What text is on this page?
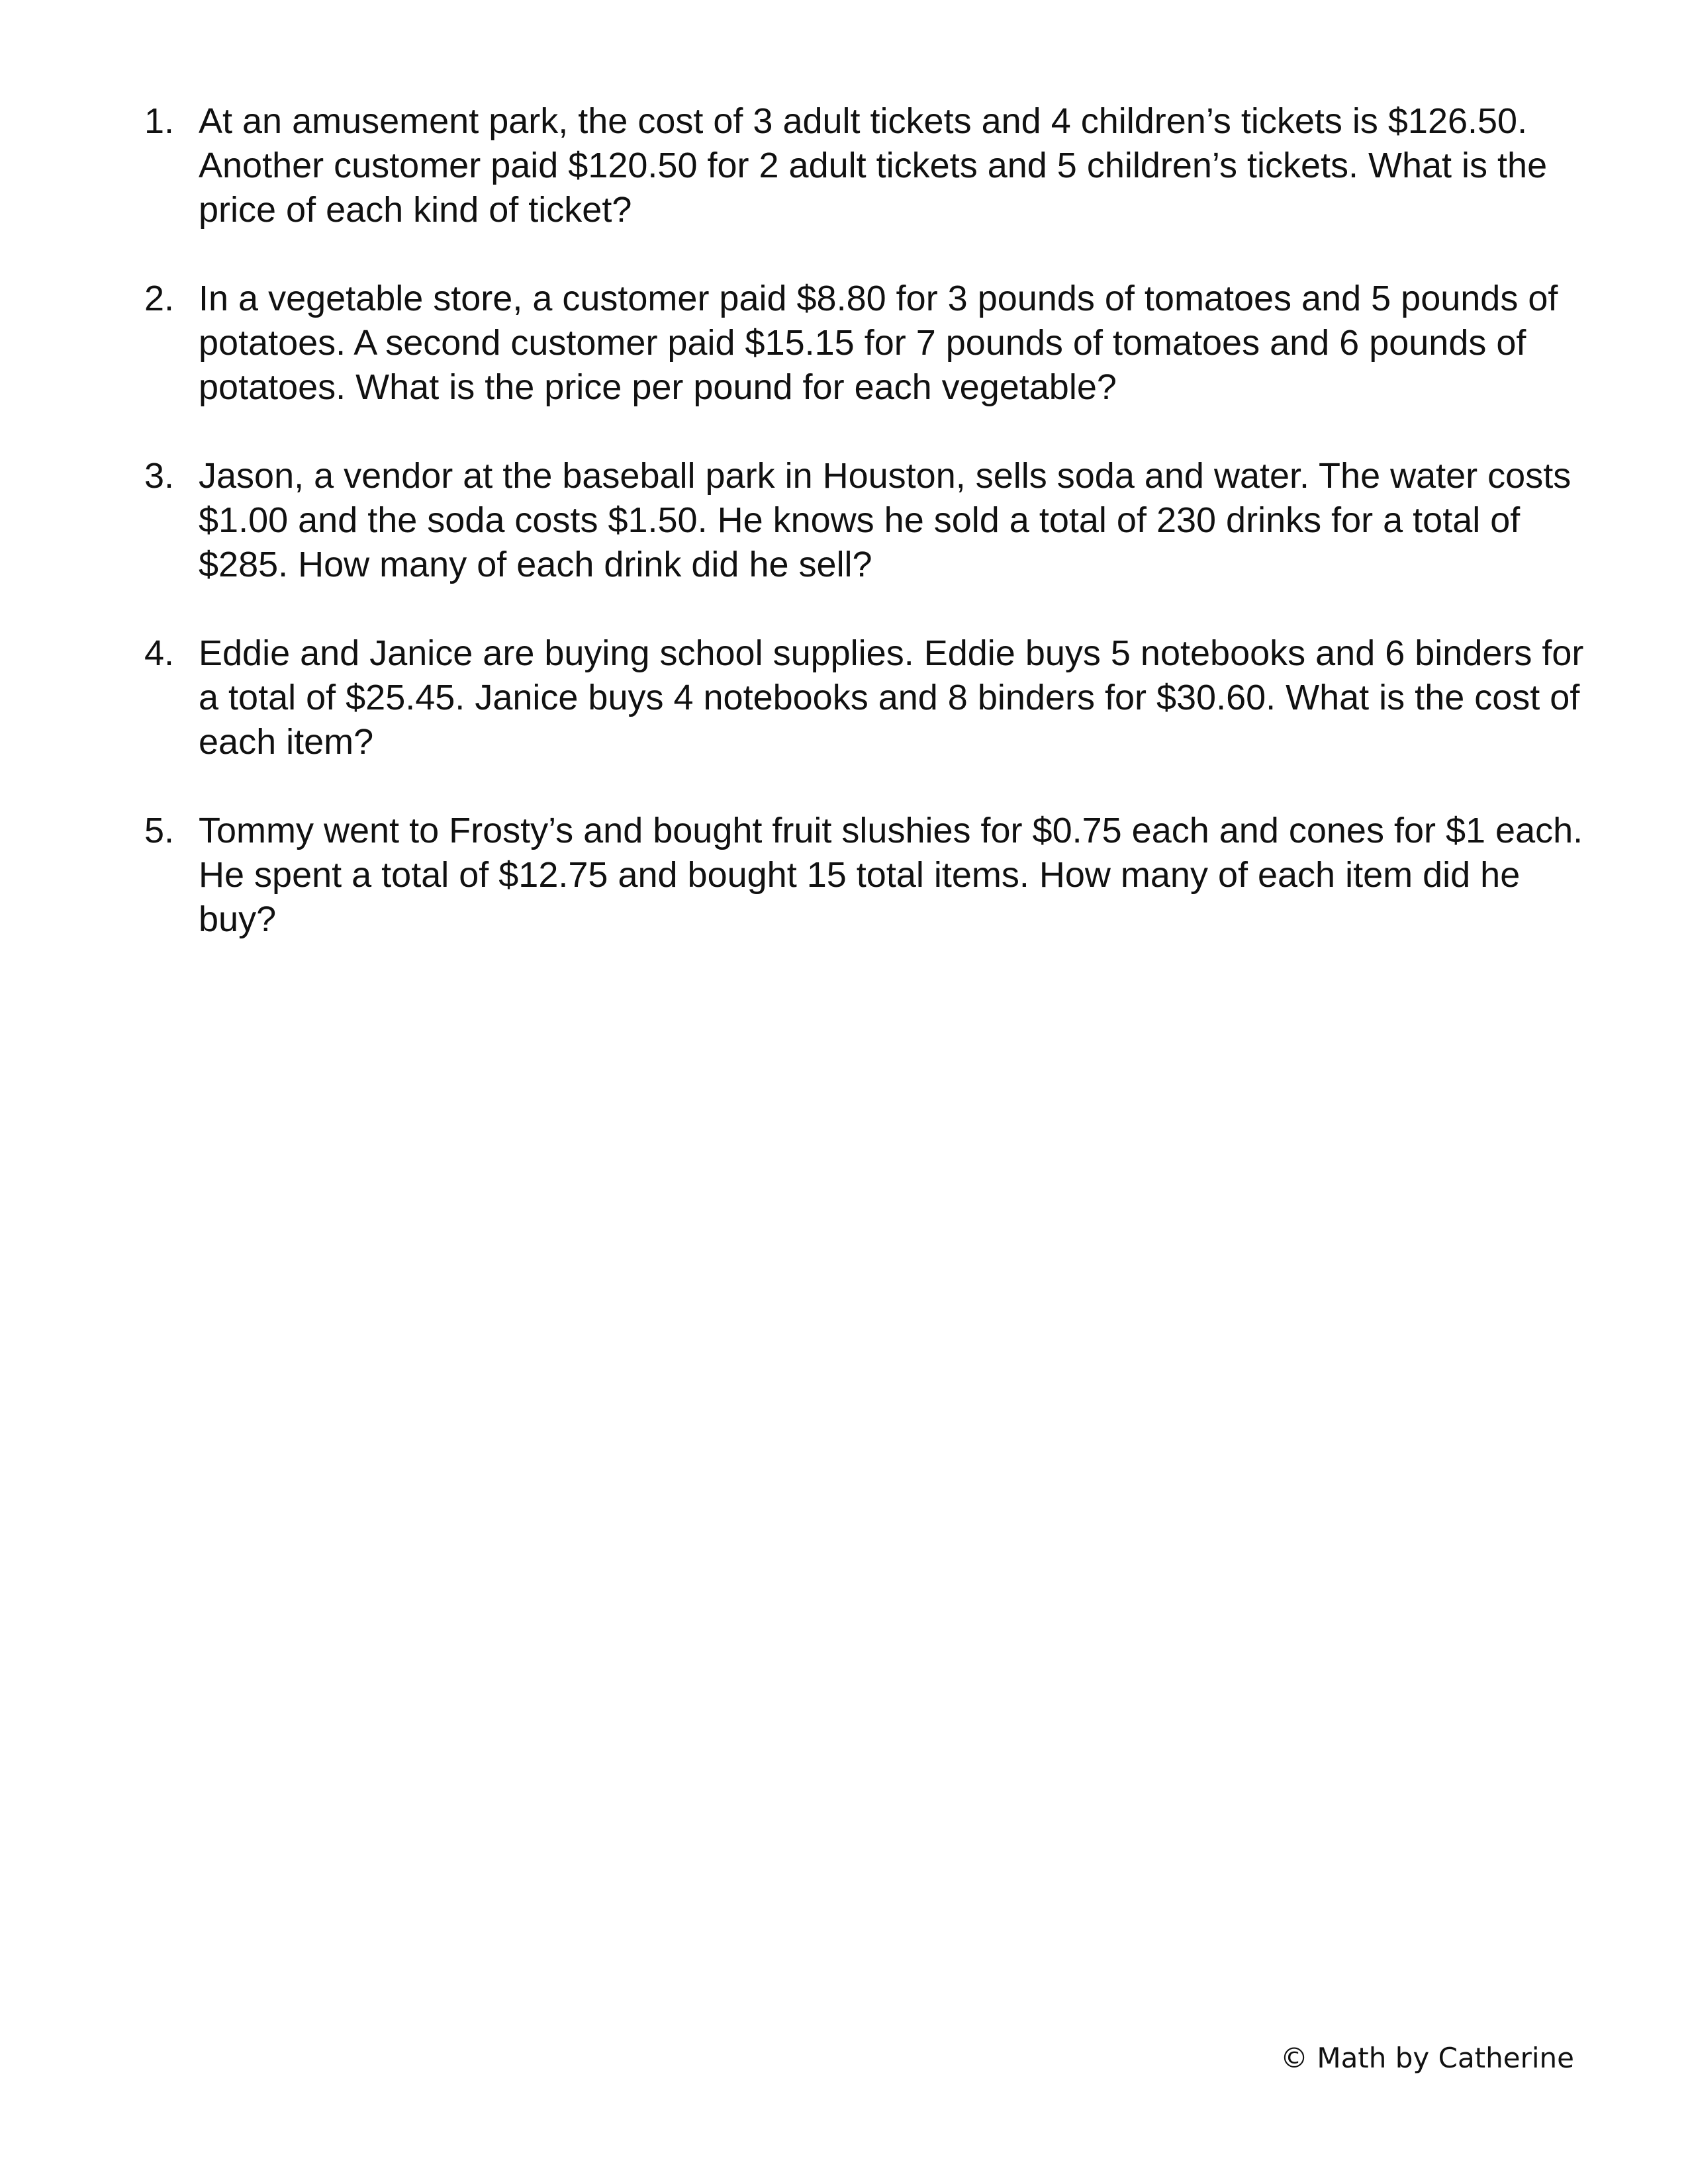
1. At an amusement park, the cost of 3 adult tickets and 4 children’s tickets is $126.50. Another customer paid $120.50 for 2 adult tickets and 5 children’s tickets. What is the price of each kind of ticket?
2. In a vegetable store, a customer paid $8.80 for 3 pounds of tomatoes and 5 pounds of potatoes. A second customer paid $15.15 for 7 pounds of tomatoes and 6 pounds of potatoes. What is the price per pound for each vegetable?
3. Jason, a vendor at the baseball park in Houston, sells soda and water. The water costs $1.00 and the soda costs $1.50. He knows he sold a total of 230 drinks for a total of $285. How many of each drink did he sell?
4. Eddie and Janice are buying school supplies. Eddie buys 5 notebooks and 6 binders for a total of $25.45. Janice buys 4 notebooks and 8 binders for $30.60. What is the cost of each item?
5. Tommy went to Frosty’s and bought fruit slushies for $0.75 each and cones for $1 each. He spent a total of $12.75 and bought 15 total items. How many of each item did he buy?
© Math by Catherine
